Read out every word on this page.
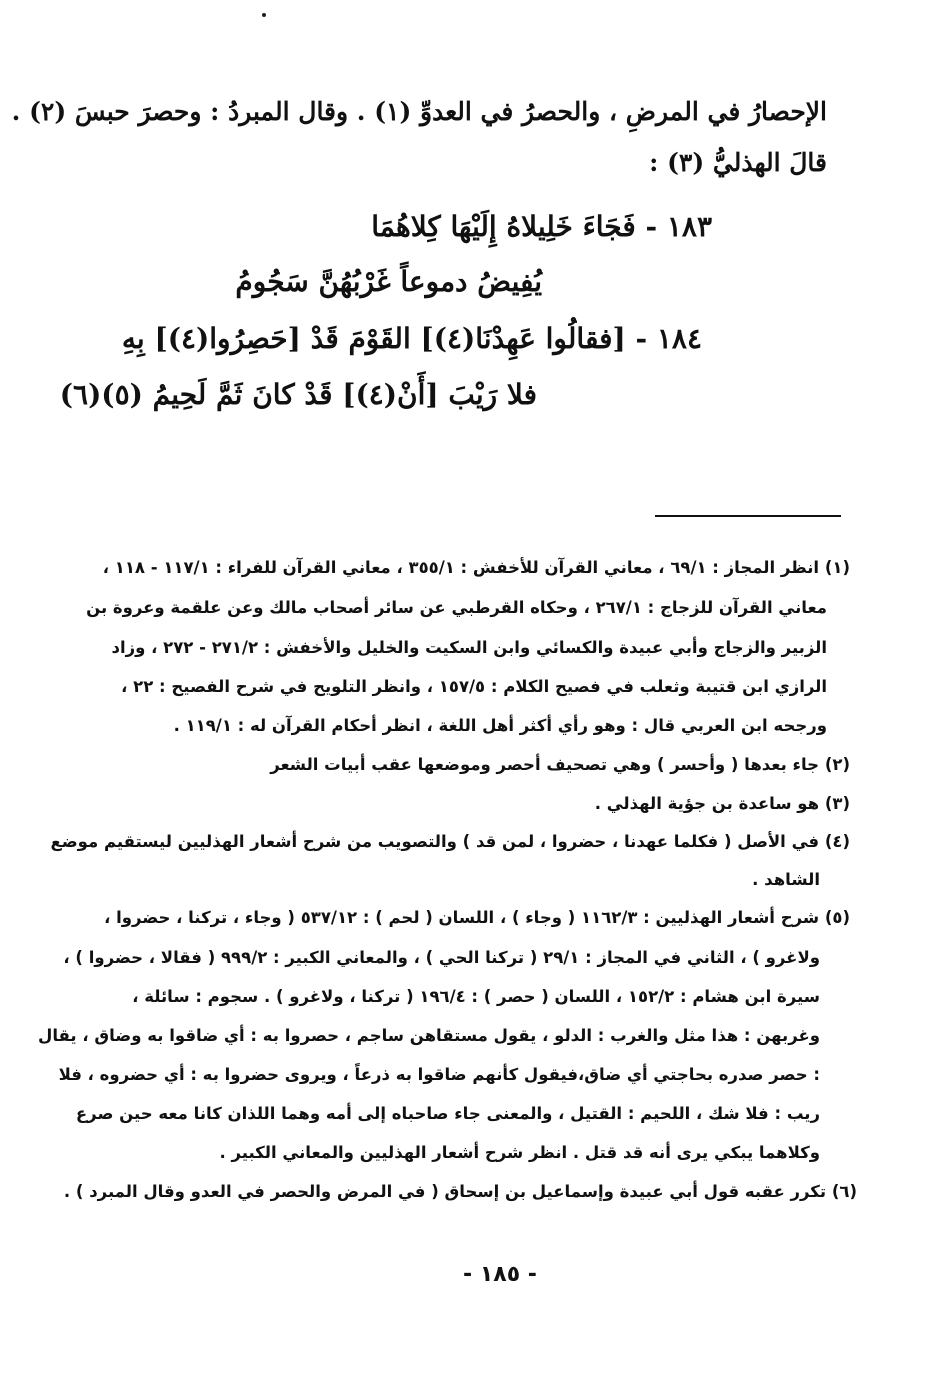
الإحصارُ في المرضِ ، والحصرُ في العدوِّ (١) . وقال المبردُ : وحصرَ حبسَ (٢) .
قالَ الهذليُّ (٣) :
١٨٣ - فَجَاءَ خَلِيلاهُ إِلَيْهَا كِلاهُمَا
يُفِيضُ دموعاً غَرْبُهُنَّ سَجُومُ
١٨٤ - [فقالُوا عَهِدْنَا(٤)] القَوْمَ قَدْ [حَصِرُوا(٤)] بِهِ
فلا رَيْبَ [أَنْ(٤)] قَدْ كانَ ثَمَّ لَحِيمُ (٥)(٦)
(١) انظر المجاز : ٦٩/١ ، معاني القرآن للأخفش : ٣٥٥/١ ، معاني القرآن للفراء : ١١٧/١ - ١١٨ ،
معاني القرآن للزجاج : ٢٦٧/١ ، وحكاه القرطبي عن سائر أصحاب مالك وعن علقمة وعروة بن
الزبير والزجاج وأبي عبيدة والكسائي وابن السكيت والخليل والأخفش : ٢٧١/٢ - ٢٧٢ ، وزاد
الرازي ابن قتيبة وثعلب في فصيح الكلام : ١٥٧/٥ ، وانظر التلويح في شرح الفصيح : ٢٢ ،
ورجحه ابن العربي قال : وهو رأي أكثر أهل اللغة ، انظر أحكام القرآن له : ١١٩/١ .
(٢) جاء بعدها ( وأحسر ) وهي تصحيف أحصر وموضعها عقب أبيات الشعر
(٣) هو ساعدة بن جؤية الهذلي .
(٤) في الأصل ( فكلما عهدنا ، حضروا ، لمن قد ) والتصويب من شرح أشعار الهذليين ليستقيم موضع
الشاهد .
(٥) شرح أشعار الهذليين : ١١٦٢/٣ ( وجاء ) ، اللسان ( لحم ) : ٥٣٧/١٢ ( وجاء ، تركنا ، حضروا ،
ولاغرو ) ، الثاني في المجاز : ٢٩/١ ( تركنا الحي ) ، والمعاني الكبير : ٩٩٩/٢ ( فقالا ، حضروا ) ،
سيرة ابن هشام : ١٥٢/٢ ، اللسان ( حصر ) : ١٩٦/٤ ( تركنا ، ولاغرو ) . سجوم : سائلة ،
وغربهن : هذا مثل والغرب : الدلو ، يقول مستقاهن ساجم ، حصروا به : أي ضاقوا به وضاق ، يقال
: حصر صدره بحاجتي أي ضاق،فيقول كأنهم ضاقوا به ذرعاً ، ويروى حضروا به : أي حضروه ، فلا
ريب : فلا شك ، اللحيم : القتيل ، والمعنى جاء صاحباه إلى أمه وهما اللذان كانا معه حين صرع
وكلاهما يبكي يرى أنه قد قتل . انظر شرح أشعار الهذليين والمعاني الكبير .
(٦) تكرر عقبه قول أبي عبيدة وإسماعيل بن إسحاق ( في المرض والحصر في العدو وقال المبرد ) .
- ١٨٥ -
